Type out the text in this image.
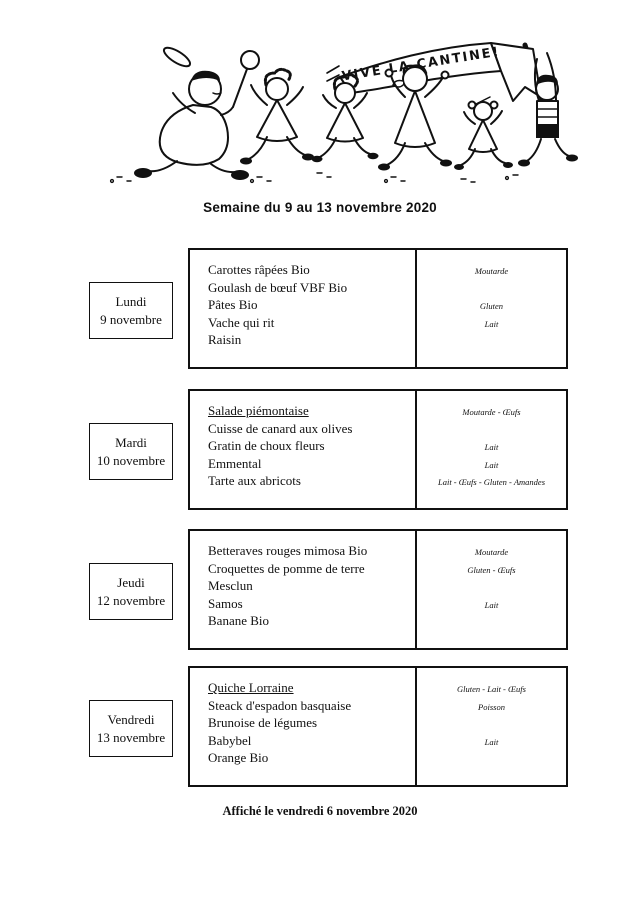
VIVE LA CANTINE!
Semaine du 9 au 13 novembre 2020
Lundi
9 novembre
Carottes râpées Bio
Goulash de bœuf VBF Bio
Pâtes Bio
Vache qui rit
Raisin
Moutarde
Gluten
Lait
Mardi
10 novembre
Salade piémontaise
Cuisse de canard aux olives
Gratin de choux fleurs
Emmental
Tarte aux abricots
Moutarde - Œufs
Lait
Lait
Lait - Œufs - Gluten - Amandes
Jeudi
12 novembre
Betteraves rouges mimosa Bio
Croquettes de pomme de terre
Mesclun
Samos
Banane Bio
Moutarde
Gluten - Œufs
Lait
Vendredi
13 novembre
Quiche Lorraine
Steack d'espadon basquaise
Brunoise de légumes
Babybel
Orange Bio
Gluten - Lait - Œufs
Poisson
Lait

Affiché le vendredi 6 novembre 2020
